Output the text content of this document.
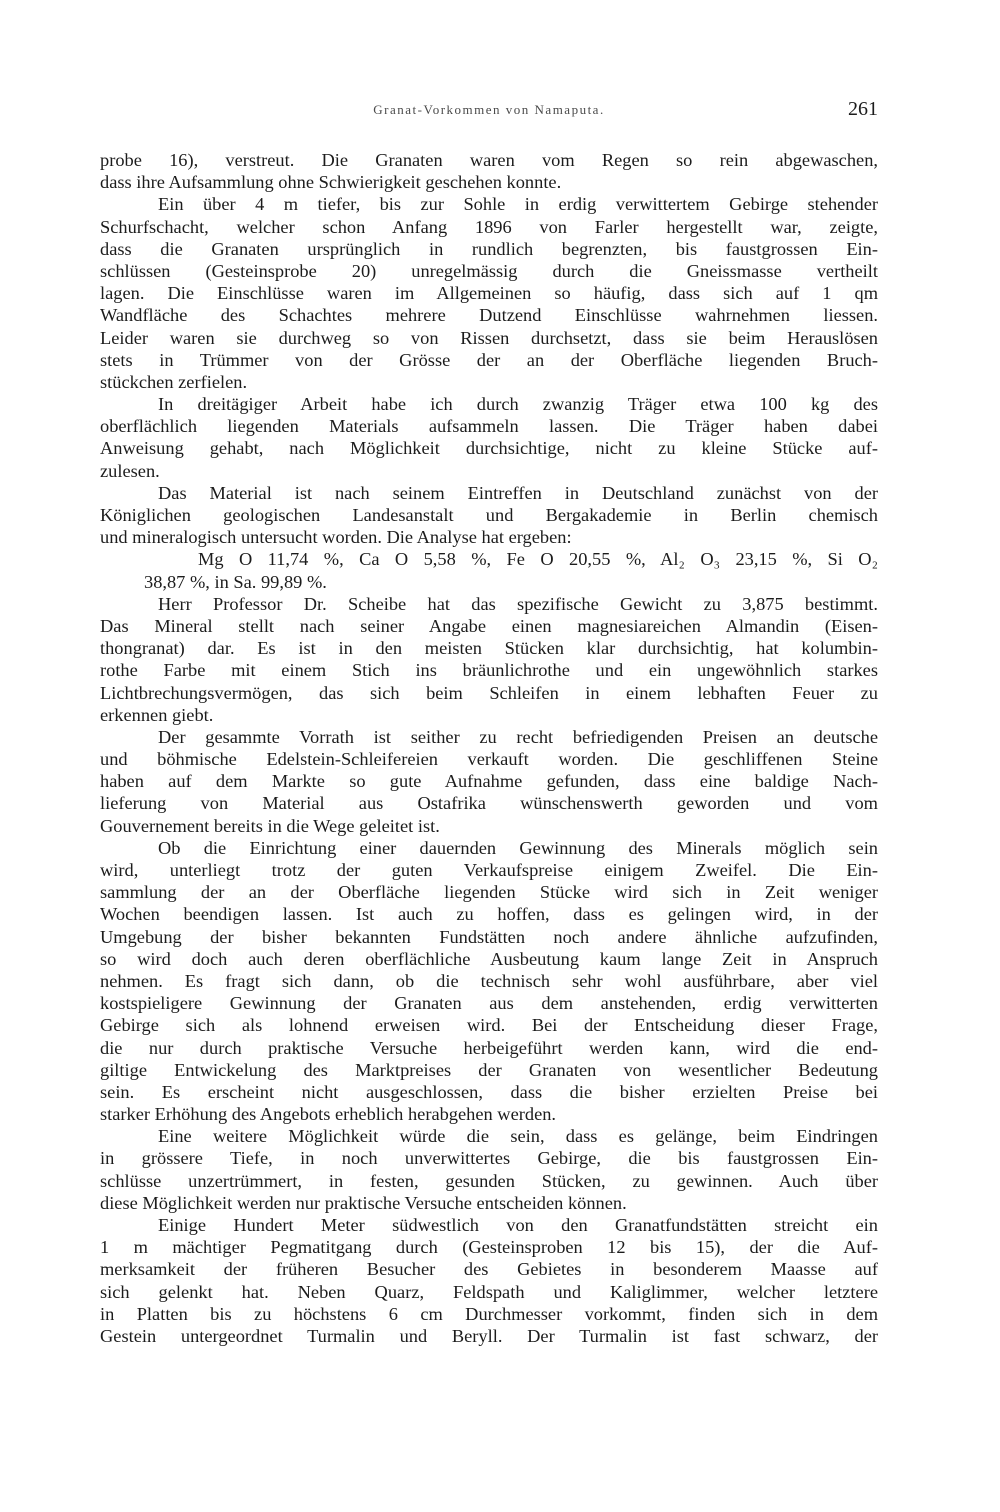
Granat-Vorkommen von Namaputa.	261
probe 16), verstreut. Die Granaten waren vom Regen so rein abgewaschen,
dass ihre Aufsammlung ohne Schwierigkeit geschehen konnte.
Ein über 4 m tiefer, bis zur Sohle in erdig verwittertem Gebirge stehender
Schurfschacht, welcher schon Anfang 1896 von Farler hergestellt war, zeigte,
dass die Granaten ursprünglich in rundlich begrenzten, bis faustgrossen Ein-
schlüssen (Gesteinsprobe 20) unregelmässig durch die Gneissmasse vertheilt
lagen. Die Einschlüsse waren im Allgemeinen so häufig, dass sich auf 1 qm
Wandfläche des Schachtes mehrere Dutzend Einschlüsse wahrnehmen liessen.
Leider waren sie durchweg so von Rissen durchsetzt, dass sie beim Herauslösen
stets in Trümmer von der Grösse der an der Oberfläche liegenden Bruch-
stückchen zerfielen.
In dreitägiger Arbeit habe ich durch zwanzig Träger etwa 100 kg des
oberflächlich liegenden Materials aufsammeln lassen. Die Träger haben dabei
Anweisung gehabt, nach Möglichkeit durchsichtige, nicht zu kleine Stücke auf-
zulesen.
Das Material ist nach seinem Eintreffen in Deutschland zunächst von der
Königlichen geologischen Landesanstalt und Bergakademie in Berlin chemisch
und mineralogisch untersucht worden. Die Analyse hat ergeben:
Mg O 11,74 %, Ca O 5,58 %, Fe O 20,55 %, Al₂ O₃ 23,15 %, Si O₂
38,87 %, in Sa. 99,89 %.
Herr Professor Dr. Scheibe hat das spezifische Gewicht zu 3,875 bestimmt.
Das Mineral stellt nach seiner Angabe einen magnesiareichen Almandin (Eisen-
thongranat) dar. Es ist in den meisten Stücken klar durchsichtig, hat kolumbin-
rothe Farbe mit einem Stich ins bräunlichrothe und ein ungewöhnlich starkes
Lichtbrechungsvermögen, das sich beim Schleifen in einem lebhaften Feuer zu
erkennen giebt.
Der gesammte Vorrath ist seither zu recht befriedigenden Preisen an deutsche
und böhmische Edelstein-Schleifereien verkauft worden. Die geschliffenen Steine
haben auf dem Markte so gute Aufnahme gefunden, dass eine baldige Nach-
lieferung von Material aus Ostafrika wünschenswerth geworden und vom
Gouvernement bereits in die Wege geleitet ist.
Ob die Einrichtung einer dauernden Gewinnung des Minerals möglich sein
wird, unterliegt trotz der guten Verkaufspreise einigem Zweifel. Die Ein-
sammlung der an der Oberfläche liegenden Stücke wird sich in Zeit weniger
Wochen beendigen lassen. Ist auch zu hoffen, dass es gelingen wird, in der
Umgebung der bisher bekannten Fundstätten noch andere ähnliche aufzufinden,
so wird doch auch deren oberflächliche Ausbeutung kaum lange Zeit in Anspruch
nehmen. Es fragt sich dann, ob die technisch sehr wohl ausführbare, aber viel
kostspieligere Gewinnung der Granaten aus dem anstehenden, erdig verwitterten
Gebirge sich als lohnend erweisen wird. Bei der Entscheidung dieser Frage,
die nur durch praktische Versuche herbeigeführt werden kann, wird die end-
giltige Entwickelung des Marktpreises der Granaten von wesentlicher Bedeutung
sein. Es erscheint nicht ausgeschlossen, dass die bisher erzielten Preise bei
starker Erhöhung des Angebots erheblich herabgehen werden.
Eine weitere Möglichkeit würde die sein, dass es gelänge, beim Eindringen
in grössere Tiefe, in noch unverwittertes Gebirge, die bis faustgrossen Ein-
schlüsse unzertrümmert, in festen, gesunden Stücken, zu gewinnen. Auch über
diese Möglichkeit werden nur praktische Versuche entscheiden können.
Einige Hundert Meter südwestlich von den Granatfundstätten streicht ein
1 m mächtiger Pegmatitgang durch (Gesteinsproben 12 bis 15), der die Auf-
merksamkeit der früheren Besucher des Gebietes in besonderem Maasse auf
sich gelenkt hat. Neben Quarz, Feldspath und Kaliglimmer, welcher letztere
in Platten bis zu höchstens 6 cm Durchmesser vorkommt, finden sich in dem
Gestein untergeordnet Turmalin und Beryll. Der Turmalin ist fast schwarz, der
